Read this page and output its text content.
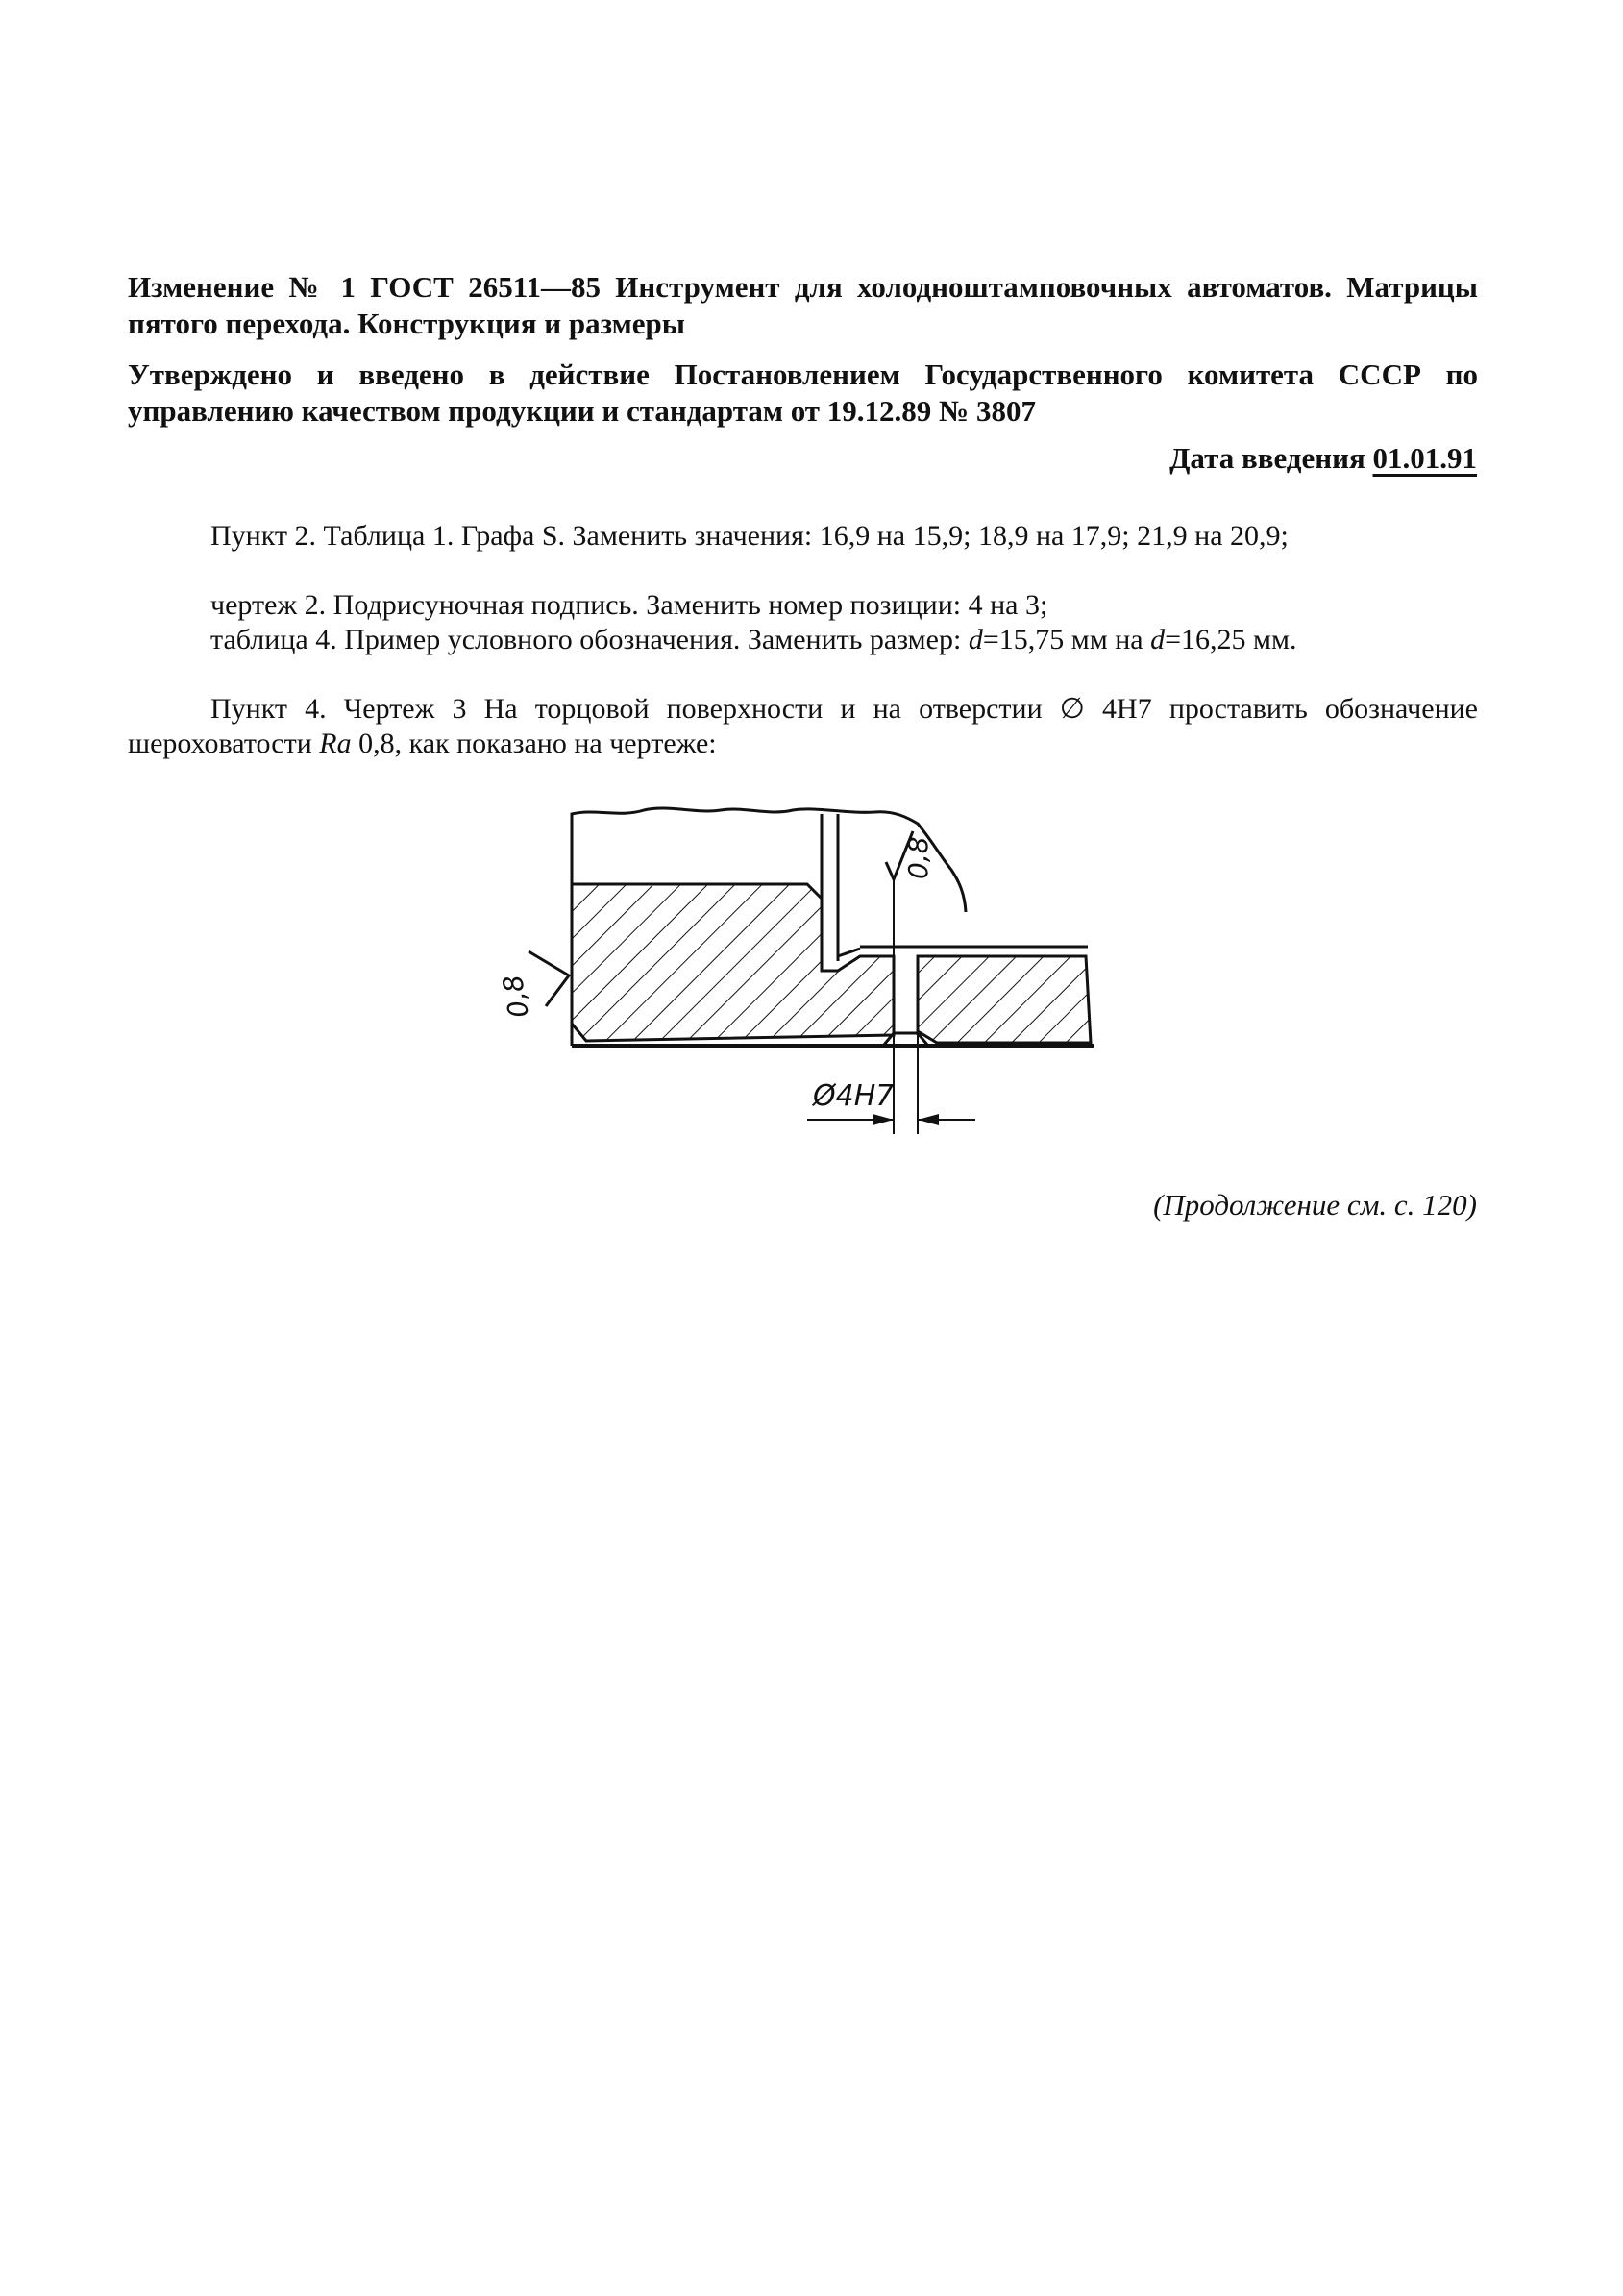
Изменение № 1 ГОСТ 26511—85 Инструмент для холодноштамповочных автоматов. Матрицы пятого перехода. Конструкция и размеры
Утверждено и введено в действие Постановлением Государственного комитета СССР по управлению качеством продукции и стандартам от 19.12.89 № 3807
Дата введения 01.01.91
Пункт 2. Таблица 1. Графа S. Заменить значения: 16,9 на 15,9; 18,9 на 17,9; 21,9 на 20,9;
чертеж 2. Подрисуночная подпись. Заменить номер позиции: 4 на 3;
таблица 4. Пример условного обозначения. Заменить размер: d=15,75 мм на d=16,25 мм.
Пункт 4. Чертеж 3 На торцовой поверхности и на отверстии ∅ 4Н7 проставить обозначение шероховатости Ra 0,8, как показано на чертеже:
Ø4Н7
0,8
0,8
(Продолжение см. с. 120)
